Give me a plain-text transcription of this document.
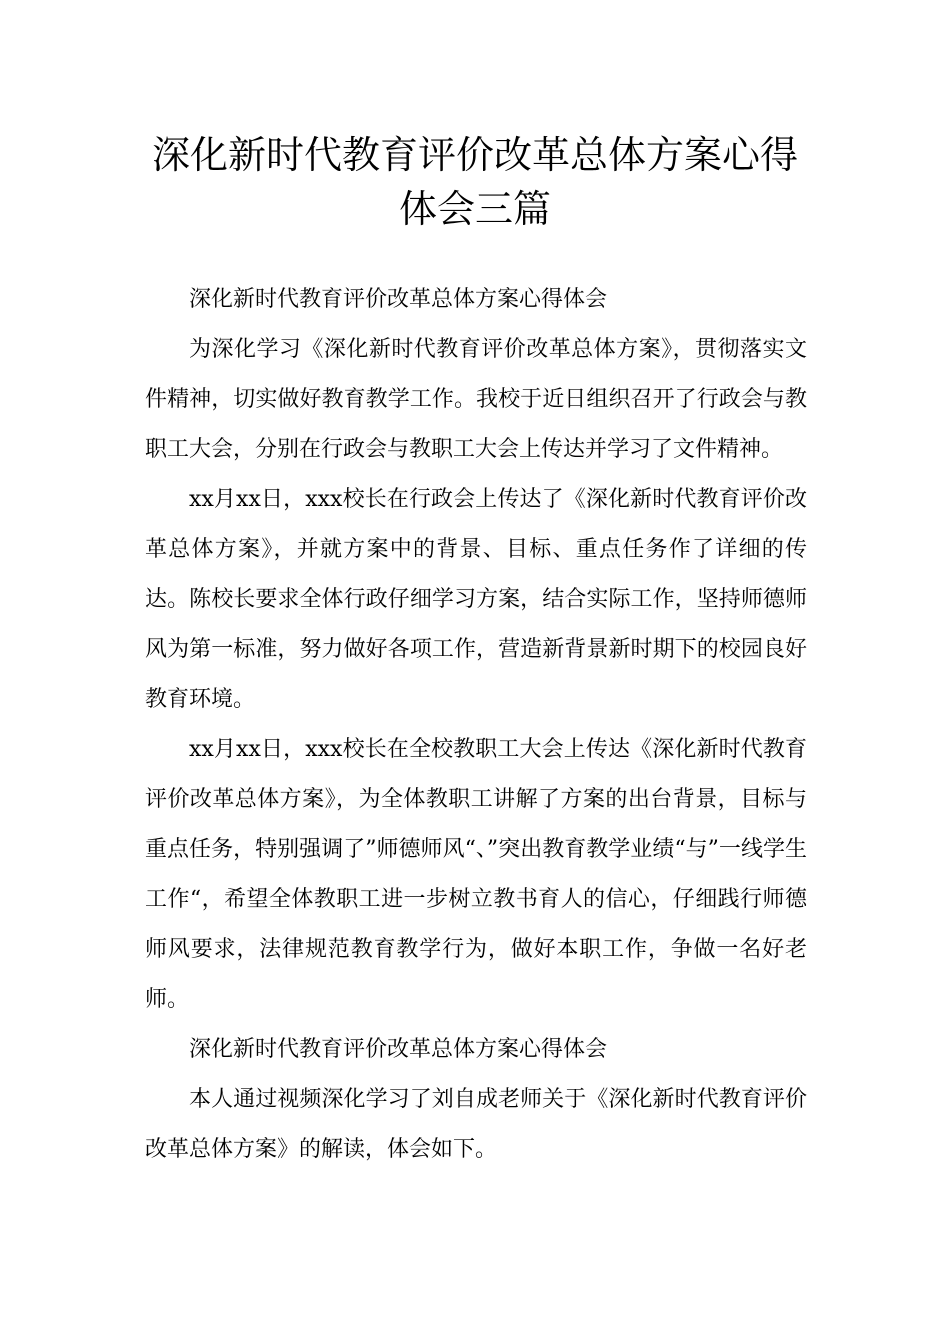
深化新时代教育评价改革总体方案心得
体会三篇

深化新时代教育评价改革总体方案心得体会

为深化学习《深化新时代教育评价改革总体方案》，贯彻落实文件精神，切实做好教育教学工作。我校于近日组织召开了行政会与教职工大会，分别在行政会与教职工大会上传达并学习了文件精神。

xx月xx日，xxx校长在行政会上传达了《深化新时代教育评价改革总体方案》，并就方案中的背景、目标、重点任务作了详细的传达。陈校长要求全体行政仔细学习方案，结合实际工作，坚持师德师风为第一标准，努力做好各项工作，营造新背景新时期下的校园良好教育环境。

xx月xx日，xxx校长在全校教职工大会上传达《深化新时代教育评价改革总体方案》，为全体教职工讲解了方案的出台背景，目标与重点任务，特别强调了”师德师风“、”突出教育教学业绩“与”一线学生工作“，希望全体教职工进一步树立教书育人的信心，仔细践行师德师风要求，法律规范教育教学行为，做好本职工作，争做一名好老师。

深化新时代教育评价改革总体方案心得体会

本人通过视频深化学习了刘自成老师关于《深化新时代教育评价改革总体方案》的解读，体会如下。
